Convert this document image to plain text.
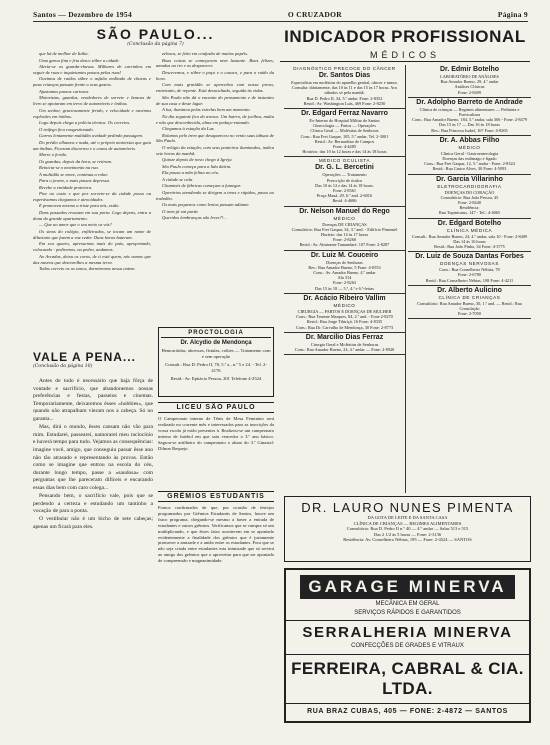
Santos — Dezembro de 1954	O CRUZADOR	Página 9
SÃO PAULO...
(Conclusão da página 7)

que há de melhor de Itália.

Uma garoa fina e fria desce sôbre a cidade.

Alerta-se os guarda-chuvas. Milhares de carrinhos em seguir de ruas e inquietantes passos pelas ruas!

Ouvimos de ruídos sôbre o asfalto molhado de chuvas e paus crianças passam frente a seus gastos.

Ajustamos passos curiosos.

Motoristas, guardas, vendedores de sorvete e bancas de livro se apoiaram em trevo de automóveis e ônibus.

Um senhor, graciosamente ferido, e velocidade e ouvimos explosões em ônibus.

Logo depois chega a polícia técnica. Os correios.

O tráfego fica congestionado.

Garros lentamente multidão avidade pedindo passagem.

Do prédio olhamos e nada, até o próprio motorista que guia um ônibus. Ficaram discorreu e o canos de automóveis.

Morre o ferido.

Os guardas, depois da hora, se retiram.

Reinicia-se o movimento na rua.

A multidão se move, continua a rolar.

Para o jovem, o mais passos depressa.

Recebe a entidade protetora.

Pior ao custo e que por sorveto-se da cidade posso ou esperávamos chegamos e atrocidades.

E promoveu mesmo a triste para nós, estão.

Dans passados ressoam em sua porta. Logo depois, entra a dona do grande apartamento.

— Que ao amor que o seu meio os vós?

Os sinos do colégio, enfileirados, se tocam um nome de diluviano que fazem a voz ceder. Duas horas bateram.

Em seu quarto, apressemos mais do país, apropriando, colocando - pediremos, na pedra, andamos.

Ao Arcadas, deixa os coros, de ti está quem, nós vamos que das nuvens que desenrolhes a mesma terra.

Todos correto os os sonos, dormiremos nessa ontem.

zelosos, se feito em confusão de muitos papéis.

Boas coisas se começaram nem lastante. Boas felizes, amadas ao rio e os desparecer.

Desceremos, e sôbre o paço e o casaco, e para o ruído da hora.

Com mais gratidão se apercebeu com nossa prova, entretanto, de repente. Está desocultado, seguida às vidas.

São Paulo não dá o encanto do pensamento e de instantes de sua casa e deste lugar.

A luz, iluminou pelas estrelas bem um momento.

No dia seguinte fico do avesso. Um bairro, de joelhos, malta e não que desconhecida, alma em pedaço-entando.

Chegamos à estação da Luz.

Rolamos pelo trem que desapareceu no vento suas tábuas de São Paulo.

O relógio da estação, com seus ponteiros iluminados, indica sete horas da manhã.

Quinze depois de novo chego à Igreja.

São Paulo começa para a lida diária.

Ela pousa a mão felina ao céu.

A cidade se cala.

Chaminés de fábricas começam a fumegar.

Operários atendendo se dirigem a trens e rápidos, passo ao trabalho.

Os mais pequenos como lentos passam adiante.

O trem já vai partir.

Queridos lembranças são leves?!...

PROCTOLOGIA
Dr. Alcydio de Mendonça
Hemorróidas, abcessos, fístulas, colites — Tratamento com e sem operação
Consult.: Rua D. Pedro II, 70, 5.º a., n.º 5 e 24. - Tel. 2-4176
Resid.: Av. Epitácio Pessoa, 201 Telefone 4-2524
VALE A PENA...
(Conclusão da página 10)

Antes de tudo é necessário que haja fôrça de vontade e sacrifício, que abandonemos nossas preferências e festas, passeios e cinemas. Temporariamente, deixaremos êsses «hobbies», que quando não atrapalham vieram nos a cabeça. Só no garanta...

Mas, dirá o mundo, êsses cansam não vão para mim. Estudarei, passearei, namorarei meu raciocínio e haverá tempo para tudo. Vejamos as consequências: imagine você, amigo, que conseguiu passar êsse ano não tão atrasado e representando às provas. Então como se imagine que entrou na escola do céu, durante longo tempo, passe a «saudosa» com perguntas que lhe pareceram difíceis e encarando essas dias bem com caro colega...

Pensando bem, o sacrifício vale, pois que se perdendo a certeza e estudando um tantinho a vocação de para a ponta.

O vestibular não é um bicho de sete cabeças; apenas um ficará para eles.

LICEU SÃO PAULO
O Campeonato interno de Tênis de Mesa Feminino será realizado no corrente mês e interessados para as inscrições da vossa escola já estão presentes à. Realizou-se um campeonato interno de futebol em que saiu vencedor o 3.º ano básico. Sagrou-se artilheiro do campeonato o aluno do 3.º Ginasial: Dilmar Requejo.
GRÊMIOS ESTUDANTIS
Fomos confirmados de que, por ocasião de festejos programados por Grêmios Estudantis de Santos, houve um fraco programa, chegando-se mesmo a haver a entrada de estudantes e outros grêmios. Verificamos que se cumpra só um multiplicando, e que êsses fatos acontecem em se apontado evidentemente a finalidade dos grêmios que é justamente promover a amizade e a união entre os estudantes. Fora que se não seja criada entre estudantes esta inimizade que só servirá ao amigo dos grêmios que o aproveitar para que ser apontado de compreensão e magnanimidade.
INDICADOR PROFISSIONAL
MÉDICOS
DIAGNÓSTICO PRECOCE DO CÂNCER
Dr. Santos Dias
Especialista em moléstias do aparelho genital, câncer e tumor.
Consulta: diàriamente, das 10 às 11 e das 15 às 17 horas. Aos sábados só pela manhã.
Rua D. Pedro II, 34, 5.º andar. Fone: 2-8352
Resid.: Av. Washington Luís, 469 Fone: 2-8230
Dr. Edgard Ferraz Navarro
Ex-Interno do Hospital Militar de Santos
Ginecologia — Partos — Operações
Clínica Geral — Moléstias de Senhoras
Cons.: Rua Frei Gaspar, 105, 5.º andar, Tel. 2-3001
Resid.: Av. Bernardino de Campos
Fone: 4-4485
Horários: das 10 às 12 horas e das 14 às 18 horas
MÉDICO OCULISTA
Dr. G. L. Bercetini
Operações — Tratamento
Prescrição de óculos
Das 10 às 12 e das 14 às 18 horas.
Fone: 2-8361
Praça Mauá, 29, 6.º and. 2-6016
Resid. 4-4686
Dr. Nelson Manuel do Rego
MÉDICO
Doenças DE CRIANÇAS
Consultório: Rua Frei Gaspar, 34, 3.º and. - Edifício Pimentel
Horário: das 14 às 17 horas
Fone: 2-8260
Resid.: Av. Almirante Tamandaré, 107 Fone: 2-8287
Dr. Luiz M. Couceiro
Doenças de Senhoras
Res.: Rua Amador Bueno, 5 Fone: 4-0553
Cons.: Av. Amador Bueno, 4.º andar
Ala 314
Fone: 2-8263
Das 15 às 18 — 5.ª, 4.ª e 6.ª-feiras
Dr. Acácio Ribeiro Vallim
MÉDICO
CIRURGIA — PARTOS E DOENÇAS DE MULHER
Cons.: Rua Tenente Marques, 84, 2.º and. - Fone 2-8270
Resid.: Rua Jorge Tibiriçá, 16 Fone: 4-8335
Cons.: Rua Dr. Carvalho de Mendonça, 30 Fone: 2-8773
Dr. Marcilio Dias Ferraz
Cirurgia Geral e Moléstias de Senhoras
Cons.: Rua Amador Bueno, 24, 4.º andar — Fone: 2-8928
Dr. Edmir Botelho
LABORATÓRIO DE ANÁLISES
Rua Amador Bueno, 29, 4.º andar
Análises Clínicas
Fone: 2-8409
Dr. Adolpho Barreto de Andrade
Clínica de crianças — Regimes alimentares — Pediatria e Puericultura
Cons.: Rua Amador Bueno, 184, 5.º andar, sala 306 - Fone: 2-8479
Das 15 às 17 — Das 16 às 18 horas
Res.: Rua Princesa Isabel, 167 Fone: 4-8265
Dr. A. Abbas Filho
MÉDICO
Clínica Geral - Gastroenterologia
Doenças das estômago e figado
Cons.: Rua Frei Gaspar, 12, 5.º andar - Fone: 2-8324
Resid.: Rua Castro Alves, 30 Fone: 4-5093
Dr. Garcia Villarinho
ELETROCARDIOGRAFIA
DOENÇAS DO CORAÇÃO
Consultório: Rua João Pessoa, 45
Fone: 2-8440
Residência:
Rua Tupinicatus, 147 - Tel.: 4-4065
Dr. Edgard Botelho
CLÍNICA MÉDICA
Consult.: Rua Amador Bueno, 24, 4.º andar, sala 10 - Fone: 2-8409
Das 14 às 16 horas
Resid.: Rua João Pinho, 34 Fone: 4-3775
Dr. Luiz de Souza Dantas Forbes
DOENÇAS NERVOSAS
Cons.: Rua Conselheiro Nébias, 78
Fone: 2-6780
Resid.: Rua Conselheiro Nébias, 108 Fone: 4-4211
Dr. Alberto Aulicino
CLÍNICA DE CRIANÇAS
Consultório: Rua Amador Bueno, 30, 1.º and. — Resid.: Rua Consolação
Fone: 2-7050
DR. LAURO NUNES PIMENTA
DA GOTA DE LEITE E DA SANTA CASA
CLÍNICA DE CRIANÇAS — REGIMES ALIMENTARES
Consultório: Rua D. Pedro II n.º 40 — 4.º andar — Salas 513 e 515
Das 2 1/2 às 5 horas — Fone: 2-3136
Residência: Av. Conselheiro Nébias, 195 — Fone: 2-4524 — SANTOS
GARAGE MINERVA
MECÂNICA EM GERAL
SERVIÇOS RÁPIDOS E GARANTIDOS
SERRALHERIA MINERVA
CONFECÇÕES DE GRADES E VITRAUX
FERREIRA, CABRAL & CIA. LTDA.
RUA BRAZ CUBAS, 405 — FONE: 2-4872 — SANTOS
